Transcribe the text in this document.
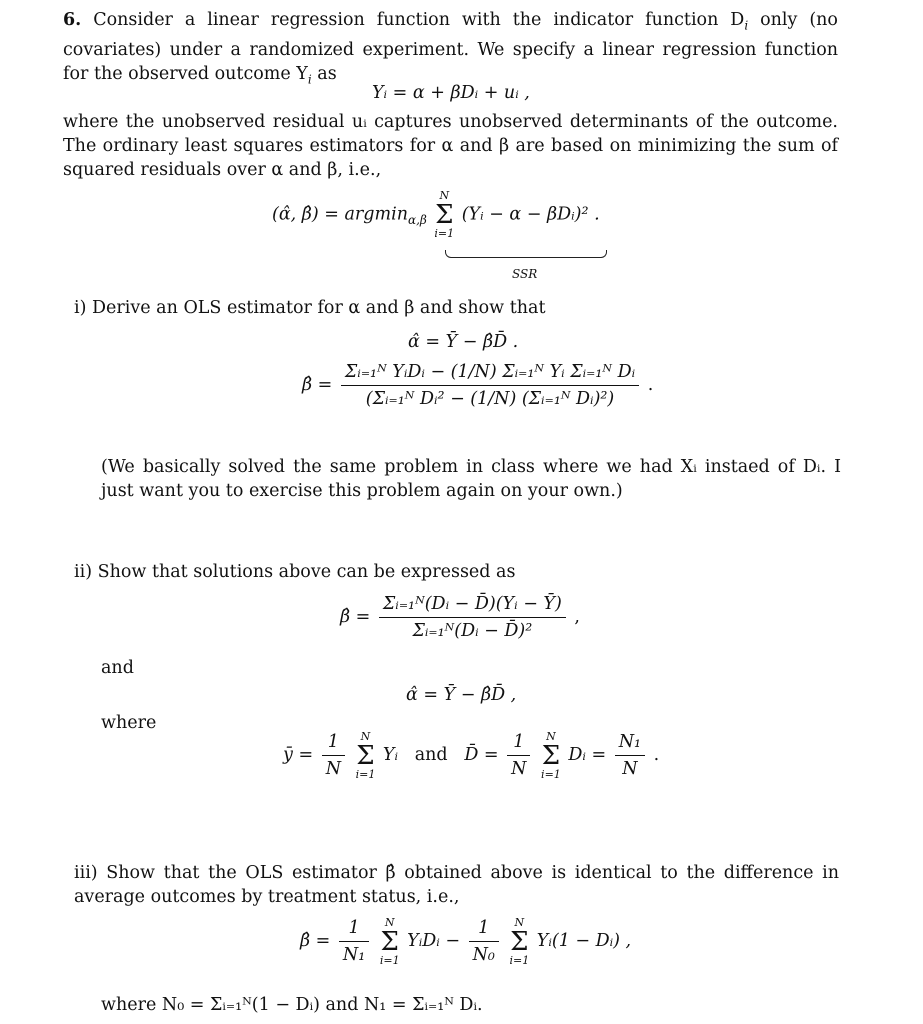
6. Consider a linear regression function with the indicator function $D_i$ only (no covariates) under a randomized experiment. We specify a linear regression function for the observed outcome $Y_i$ as
Yᵢ = α + βDᵢ + uᵢ ,
where the unobserved residual uᵢ captures unobserved determinants of the outcome. The ordinary least squares estimators for α and β are based on minimizing the sum of squared residuals over α and β, i.e.,
(α̂, β̂) = argmin$_{\alpha,\beta}$
N
Σ
i=1
(Yᵢ − α − βDᵢ)² .
SSR
i) Derive an OLS estimator for α and β and show that
α̂ = Ȳ − β̂D̄ .
β̂ = $\frac{\text{Σᵢ₌₁ᴺ YᵢDᵢ − (1/N) Σᵢ₌₁ᴺ Yᵢ Σᵢ₌₁ᴺ Dᵢ}}{\text{(Σᵢ₌₁ᴺ Dᵢ² − (1/N) (Σᵢ₌₁ᴺ Dᵢ)²)}}$ .
(We basically solved the same problem in class where we had Xᵢ instaed of Dᵢ. I just want you to exercise this problem again on your own.)
ii) Show that solutions above can be expressed as
β̂ = $\frac{\text{Σᵢ₌₁ᴺ(Dᵢ − D̄)(Yᵢ − Ȳ)}}{\text{Σᵢ₌₁ᴺ(Dᵢ − D̄)²}}$ ,
and
α̂ = Ȳ − β̂D̄ ,
where
ȳ = $\frac{1}{N}$
	N
Σ
i=1
Yᵢ and D̄ = $\frac{1}{N}$
	N
Σ
i=1
Dᵢ = $\frac{\text{N₁}}{N}$ .
iii) Show that the OLS estimator β̂ obtained above is identical to the difference in average outcomes by treatment status, i.e.,
β̂ = $\frac{1}{\text{N₁}}$
	N
Σ
i=1
YᵢDᵢ − $\frac{1}{\text{N₀}}$
	N
Σ
i=1
Yᵢ(1 − Dᵢ) ,
where N₀ = Σᵢ₌₁ᴺ(1 − Dᵢ) and N₁ = Σᵢ₌₁ᴺ Dᵢ.
